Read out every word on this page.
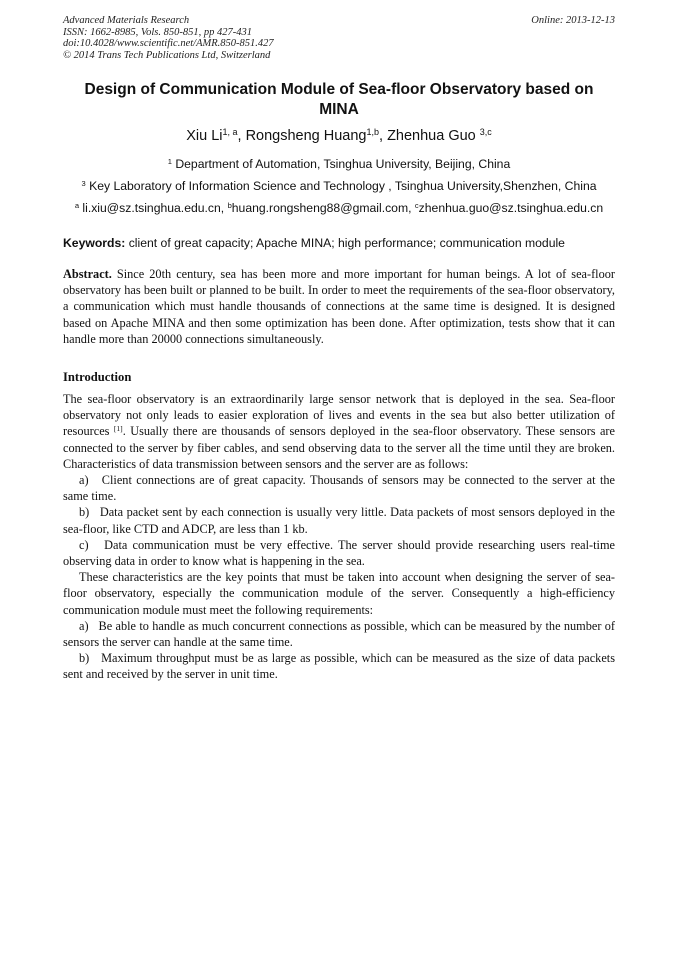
Advanced Materials Research
ISSN: 1662-8985, Vols. 850-851, pp 427-431
doi:10.4028/www.scientific.net/AMR.850-851.427
© 2014 Trans Tech Publications Ltd, Switzerland
Online: 2013-12-13
Design of Communication Module of Sea-floor Observatory based on MINA
Xiu Li$^{1, a}$, Rongsheng Huang$^{1,b}$, Zhenhua Guo $^{3,c}$
$^1$ Department of Automation, Tsinghua University, Beijing, China
$^3$ Key Laboratory of Information Science and Technology , Tsinghua University,Shenzhen, China
$^a$ li.xiu@sz.tsinghua.edu.cn, $^b$huang.rongsheng88@gmail.com, $^c$zhenhua.guo@sz.tsinghua.edu.cn
Keywords: client of great capacity; Apache MINA; high performance; communication module
Abstract. Since 20th century, sea has been more and more important for human beings. A lot of sea-floor observatory has been built or planned to be built. In order to meet the requirements of the sea-floor observatory, a communication which must handle thousands of connections at the same time is designed. It is designed based on Apache MINA and then some optimization has been done. After optimization, tests show that it can handle more than 20000 connections simultaneously.
Introduction

The sea-floor observatory is an extraordinarily large sensor network that is deployed in the sea. Sea-floor observatory not only leads to easier exploration of lives and events in the sea but also better utilization of resources [1]. Usually there are thousands of sensors deployed in the sea-floor observatory. These sensors are connected to the server by fiber cables, and send observing data to the server all the time until they are broken. Characteristics of data transmission between sensors and the server are as follows:

a)   Client connections are of great capacity. Thousands of sensors may be connected to the server at the same time.

b)   Data packet sent by each connection is usually very little. Data packets of most sensors deployed in the sea-floor, like CTD and ADCP, are less than 1 kb.

c)   Data communication must be very effective. The server should provide researching users real-time observing data in order to know what is happening in the sea.

These characteristics are the key points that must be taken into account when designing the server of sea-floor observatory, especially the communication module of the server. Consequently a high-efficiency communication module must meet the following requirements:

a)   Be able to handle as much concurrent connections as possible, which can be measured by the number of sensors the server can handle at the same time.

b)   Maximum throughput must be as large as possible, which can be measured as the size of data packets sent and received by the server in unit time.
